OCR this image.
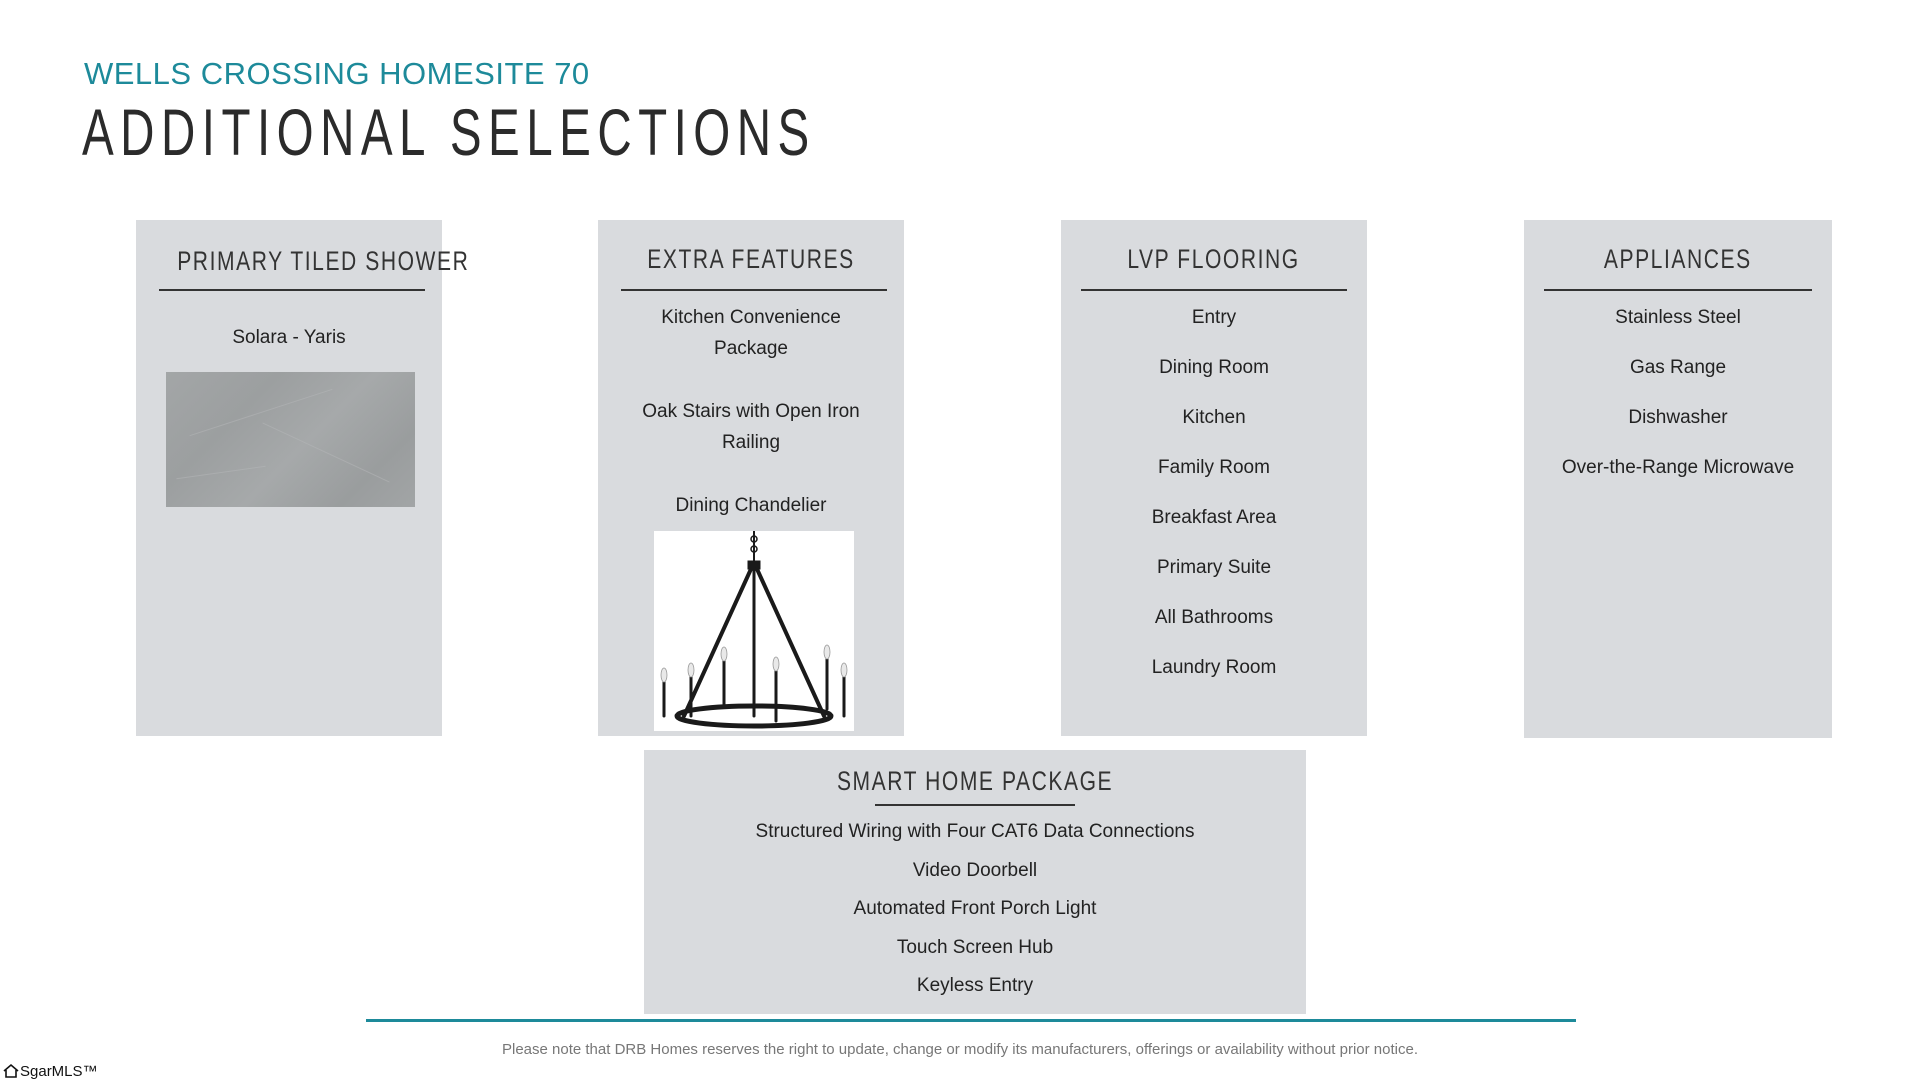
WELLS CROSSING HOMESITE 70
ADDITIONAL SELECTIONS
PRIMARY TILED SHOWER
Solara - Yaris
EXTRA FEATURES
Kitchen Convenience Package
Oak Stairs with Open Iron Railing
Dining Chandelier
LVP FLOORING
Entry
Dining Room
Kitchen
Family Room
Breakfast Area
Primary Suite
All Bathrooms
Laundry Room
APPLIANCES
Stainless Steel
Gas Range
Dishwasher
Over-the-Range Microwave
SMART HOME PACKAGE
Structured Wiring with Four CAT6 Data Connections
Video Doorbell
Automated Front Porch Light
Touch Screen Hub
Keyless Entry
Please note that DRB Homes reserves the right to update, change or modify its manufacturers, offerings or availability without prior notice.
SgarMLS™
